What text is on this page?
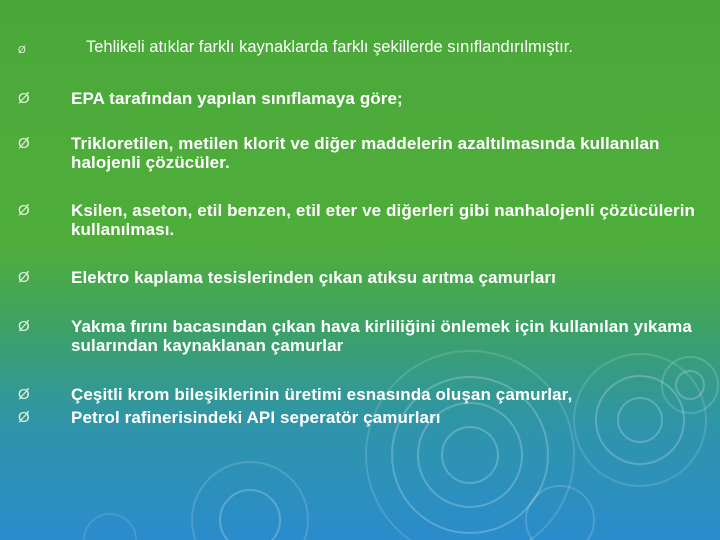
Ø	Tehlikeli atıklar farklı kaynaklarda farklı şekillerde sınıflandırılmıştır.
Ø	EPA tarafından yapılan sınıflamaya göre;
Ø	Trikloretilen, metilen klorit ve diğer maddelerin azaltılmasında kullanılan halojenli çözücüler.
Ø	Ksilen, aseton, etil benzen, etil eter ve diğerleri gibi nanhalojenli çözücülerin kullanılması.
Ø	Elektro kaplama tesislerinden çıkan atıksu arıtma çamurları
Ø	Yakma fırını bacasından çıkan hava kirliliğini önlemek için kullanılan yıkama sularından kaynaklanan çamurlar
Ø	Çeşitli krom bileşiklerinin üretimi esnasında oluşan çamurlar,
Ø	Petrol rafinerisindeki API seperatör çamurları
